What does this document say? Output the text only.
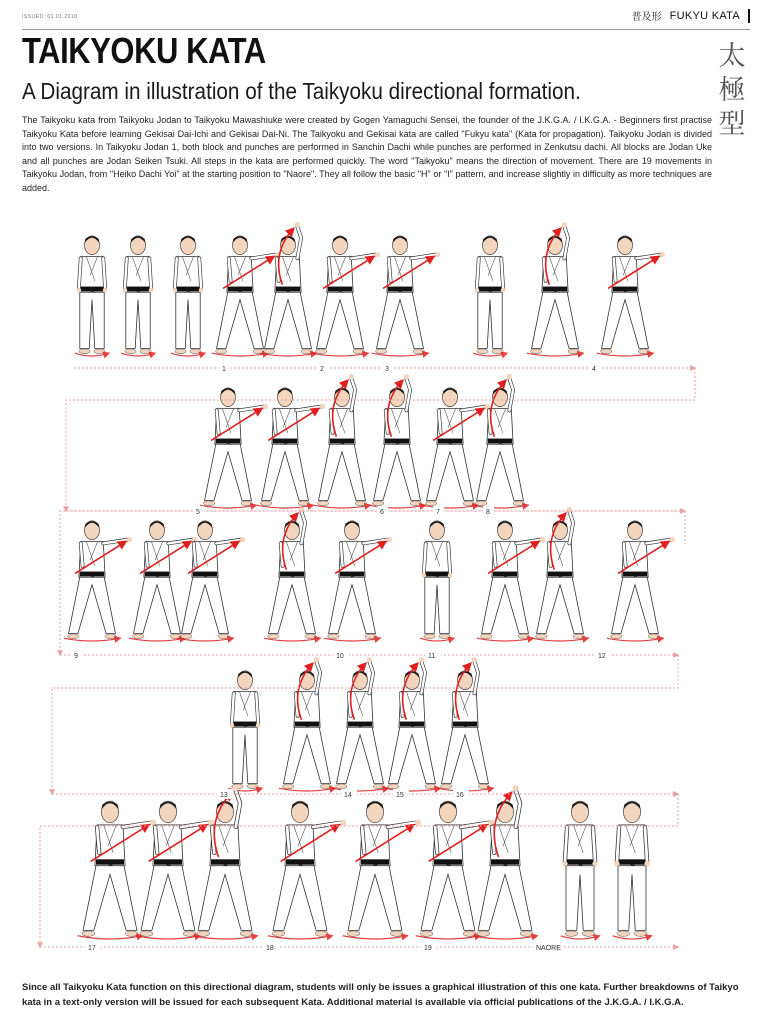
ISSUED: 01.01.2010	普及形 FUKYU KATA
TAIKYOKU KATA
A Diagram in illustration of the Taikyoku directional formation.
太
極
型

The Taikyoku kata from Taikyoku Jodan to Taikyoku Mawashiuke were created by Gogen Yamaguchi Sensei, the founder of the J.K.G.A. / I.K.G.A. - Beginners first practise Taikyoku Kata before learning Gekisai Dai-Ichi and Gekisai Dai-Ni. The Taikyoku and Gekisai kata are called "Fukyu kata" (Kata for propagation). Taikyoku Jodan is divided into two versions. In Taikyoku Jodan 1, both block and punches are performed in Sanchin Dachi while punches are performed in Zenkutsu dachi. All blocks are Jodan Uke and all punches are Jodan Seiken Tsuki. All steps in the kata are performed quickly. The word "Taikyoku" means the direction of movement. There are 19 movements in Taikyoku Jodan, from "Heiko Dachi Yoi" at the starting position to "Naore". They all follow the basic "H" or "I" pattern, and increase slightly in difficulty as more techniques are added.

1	2	3	4
5	6	7	8
9	10	11	12
13	14	15	16
17	18	19	NAORE

Since all Taikyoku Kata function on this directional diagram, students will only be issues a graphical illustration of this one kata. Further breakdowns of Taikyo kata in a text-only version will be issued for each subsequent Kata. Additional material is available via official publications of the J.K.G.A. / I.K.G.A.
